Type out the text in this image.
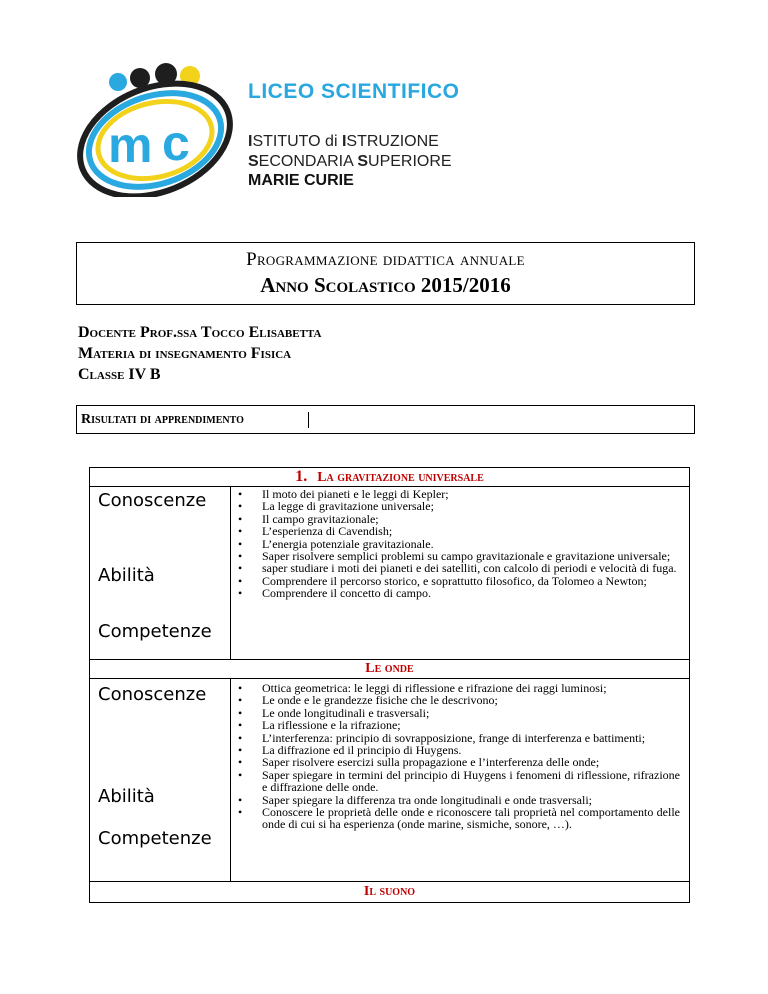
m c
LICEO SCIENTIFICO
ISTITUTO di ISTRUZIONE
SECONDARIA SUPERIORE
MARIE CURIE
Programmazione didattica annuale
Anno Scolastico 2015/2016
Docente Prof.ssa Tocco Elisabetta
Materia di insegnamento Fisica
Classe IV B
Risultati di apprendimento
1. La gravitazione universale
Conoscenze
Abilità
Competenze
• Il moto dei pianeti e le leggi di Kepler;
• La legge di gravitazione universale;
• Il campo gravitazionale;
• L’esperienza di Cavendish;
• L’energia potenziale gravitazionale.
• Saper risolvere semplici problemi su campo gravitazionale e gravitazione universale;
• saper studiare i moti dei pianeti e dei satelliti, con calcolo di periodi e velocità di fuga.
• Comprendere il percorso storico, e soprattutto filosofico, da Tolomeo a Newton;
• Comprendere il concetto di campo.
Le onde
Conoscenze
Abilità
Competenze
• Ottica geometrica: le leggi di riflessione e rifrazione dei raggi luminosi;
• Le onde e le grandezze fisiche che le descrivono;
• Le onde longitudinali e trasversali;
• La riflessione e la rifrazione;
• L’interferenza: principio di sovrapposizione, frange di interferenza e battimenti;
• La diffrazione ed il principio di Huygens.
• Saper risolvere esercizi sulla propagazione e l’interferenza delle onde;
• Saper spiegare in termini del principio di Huygens i fenomeni di riflessione, rifrazione e diffrazione delle onde.
• Saper spiegare la differenza tra onde longitudinali e onde trasversali;
• Conoscere le proprietà delle onde e riconoscere tali proprietà nel comportamento delle onde di cui si ha esperienza (onde marine, sismiche, sonore, …).
Il suono
